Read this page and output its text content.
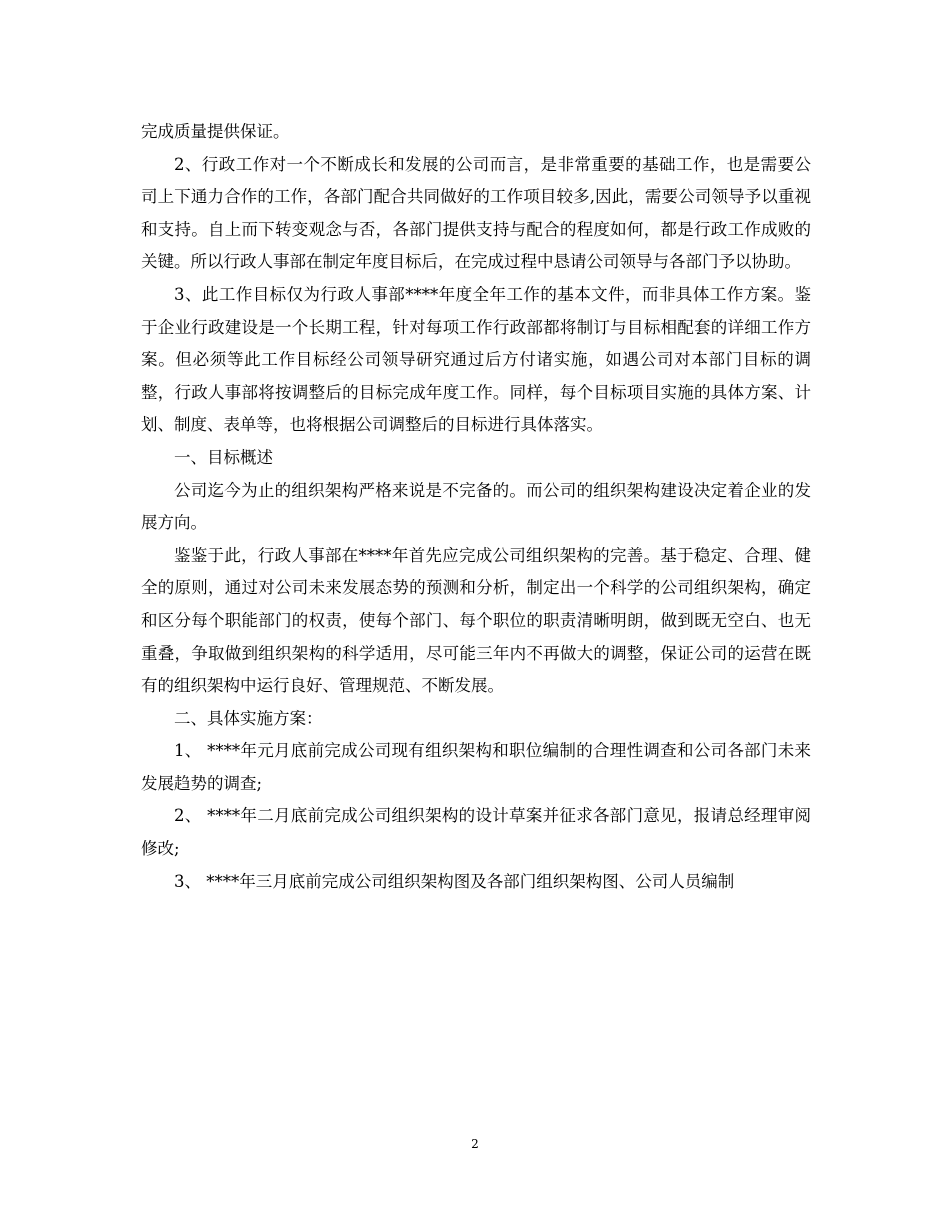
完成质量提供保证。

2、行政工作对一个不断成长和发展的公司而言，是非常重要的基础工作，也是需要公司上下通力合作的工作，各部门配合共同做好的工作项目较多,因此，需要公司领导予以重视和支持。自上而下转变观念与否，各部门提供支持与配合的程度如何，都是行政工作成败的关键。所以行政人事部在制定年度目标后，在完成过程中恳请公司领导与各部门予以协助。

3、此工作目标仅为行政人事部****年度全年工作的基本文件，而非具体工作方案。鉴于企业行政建设是一个长期工程，针对每项工作行政部都将制订与目标相配套的详细工作方案。但必须等此工作目标经公司领导研究通过后方付诸实施，如遇公司对本部门目标的调整，行政人事部将按调整后的目标完成年度工作。同样，每个目标项目实施的具体方案、计划、制度、表单等，也将根据公司调整后的目标进行具体落实。

一、目标概述

公司迄今为止的组织架构严格来说是不完备的。而公司的组织架构建设决定着企业的发展方向。

鉴鉴于此，行政人事部在****年首先应完成公司组织架构的完善。基于稳定、合理、健全的原则，通过对公司未来发展态势的预测和分析，制定出一个科学的公司组织架构，确定和区分每个职能部门的权责，使每个部门、每个职位的职责清晰明朗，做到既无空白、也无重叠，争取做到组织架构的科学适用，尽可能三年内不再做大的调整，保证公司的运营在既有的组织架构中运行良好、管理规范、不断发展。

二、具体实施方案：

1、 ****年元月底前完成公司现有组织架构和职位编制的合理性调查和公司各部门未来发展趋势的调查;

2、 ****年二月底前完成公司组织架构的设计草案并征求各部门意见，报请总经理审阅修改;

3、 ****年三月底前完成公司组织架构图及各部门组织架构图、公司人员编制

2
